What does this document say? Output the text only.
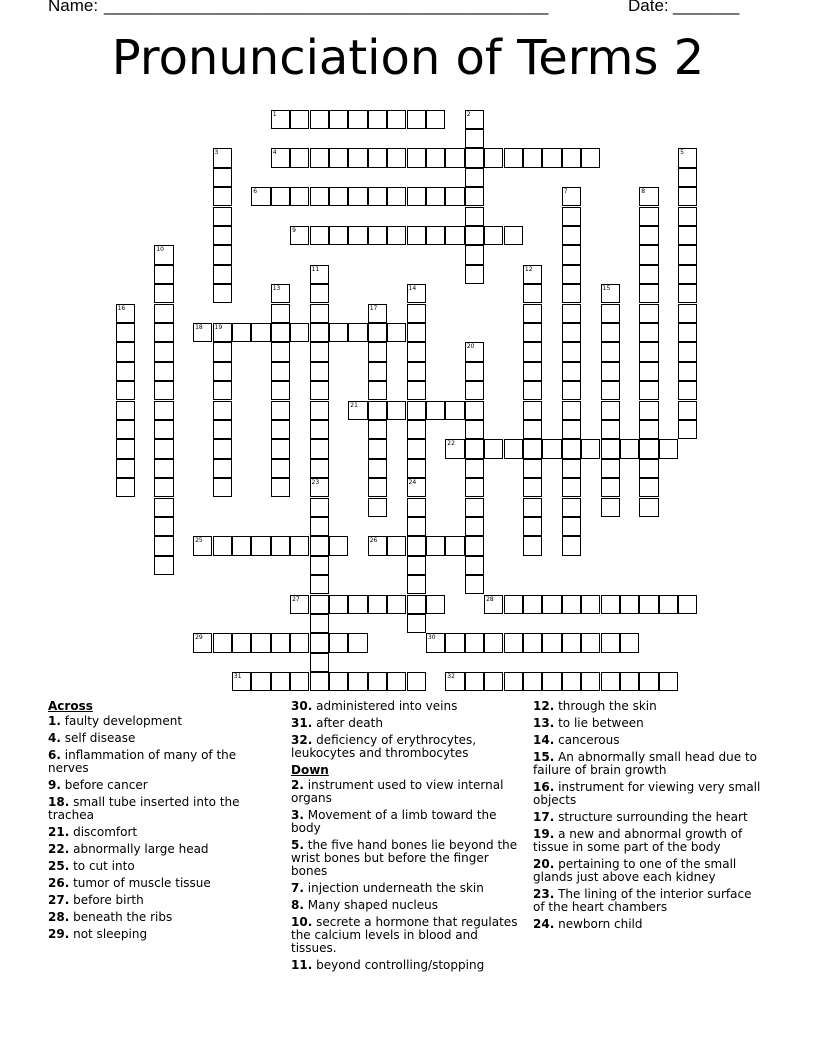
Name: _______________________________________________	Date: _______
Pronunciation of Terms 2
1	2
3	4	5
6	7	8
9
10
11	12
13	14	15
16	17
18 19
20
21
22
23	24
25	26
27	28
29	30
31	32
Across
1. faulty development
4. self disease
6. inflammation of many of the nerves
9. before cancer
18. small tube inserted into the trachea
21. discomfort
22. abnormally large head
25. to cut into
26. tumor of muscle tissue
27. before birth
28. beneath the ribs
29. not sleeping
30. administered into veins
31. after death
32. deficiency of erythrocytes, leukocytes and thrombocytes
Down
2. instrument used to view internal organs
3. Movement of a limb toward the body
5. the five hand bones lie beyond the wrist bones but before the finger bones
7. injection underneath the skin
8. Many shaped nucleus
10. secrete a hormone that regulates the calcium levels in blood and tissues.
11. beyond controlling/stopping
12. through the skin
13. to lie between
14. cancerous
15. An abnormally small head due to failure of brain growth
16. instrument for viewing very small objects
17. structure surrounding the heart
19. a new and abnormal growth of tissue in some part of the body
20. pertaining to one of the small glands just above each kidney
23. The lining of the interior surface of the heart chambers
24. newborn child
